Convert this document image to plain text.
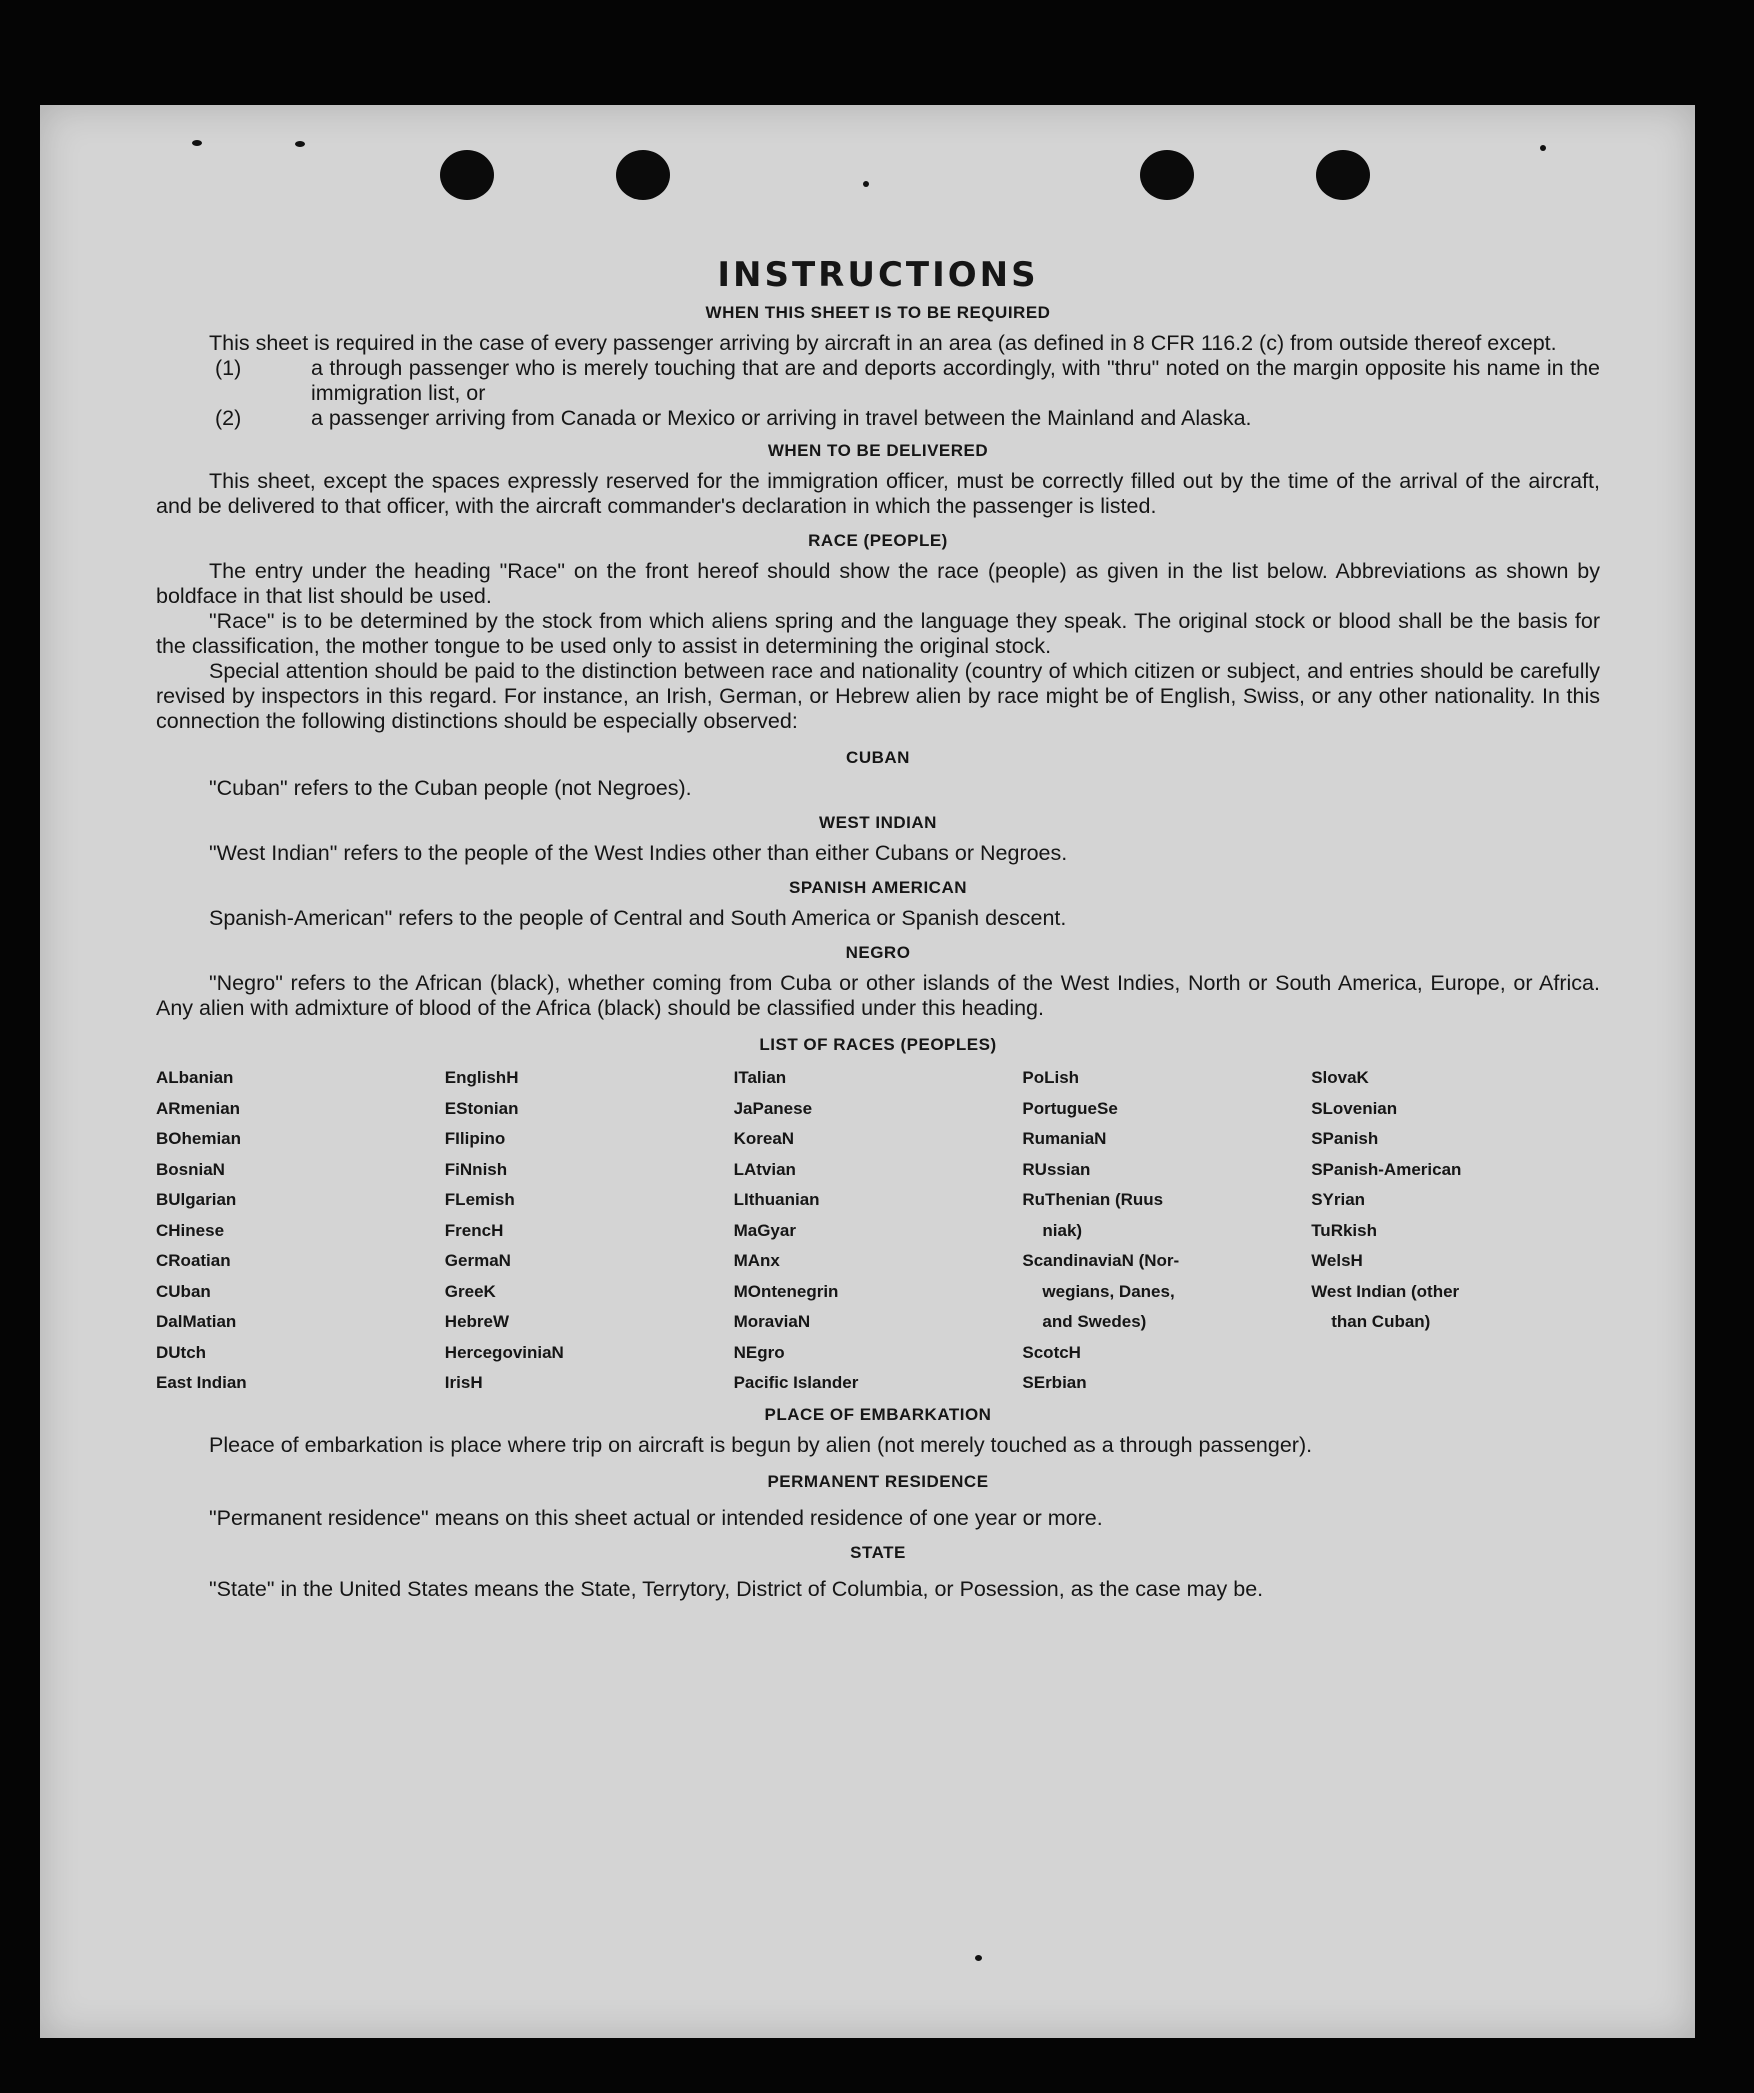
INSTRUCTIONS
WHEN THIS SHEET IS TO BE REQUIRED

This sheet is required in the case of every passenger arriving by aircraft in an area (as defined in 8 CFR 116.2 (c) from outside thereof except.

(1)	a through passenger who is merely touching that are and deports accordingly, with "thru" noted on the margin opposite his name in the immigration list, or

(2)	a passenger arriving from Canada or Mexico or arriving in travel between the Mainland and Alaska.

WHEN TO BE DELIVERED

This sheet, except the spaces expressly reserved for the immigration officer, must be correctly filled out by the time of the arrival of the aircraft, and be delivered to that officer, with the aircraft commander's declaration in which the passenger is listed.

RACE (PEOPLE)

The entry under the heading "Race" on the front hereof should show the race (people) as given in the list below. Abbreviations as shown by boldface in that list should be used.

"Race" is to be determined by the stock from which aliens spring and the language they speak. The original stock or blood shall be the basis for the classification, the mother tongue to be used only to assist in determining the original stock.

Special attention should be paid to the distinction between race and nationality (country of which citizen or subject, and entries should be carefully revised by inspectors in this regard. For instance, an Irish, German, or Hebrew alien by race might be of English, Swiss, or any other nationality. In this connection the following distinctions should be especially observed:

CUBAN

"Cuban" refers to the Cuban people (not Negroes).

WEST INDIAN

"West Indian" refers to the people of the West Indies other than either Cubans or Negroes.

SPANISH AMERICAN

Spanish-American" refers to the people of Central and South America or Spanish descent.

NEGRO

"Negro" refers to the African (black), whether coming from Cuba or other islands of the West Indies, North or South America, Europe, or Africa. Any alien with admixture of blood of the Africa (black) should be classified under this heading.

LIST OF RACES (PEOPLES)
ALbanian
ARmenian
BOhemian
BosniaN
BUlgarian
CHinese
CRoatian
CUban
DalMatian
DUtch
East Indian
EnglishH
EStonian
FIlipino
FiNnish
FLemish
FrencH
GermaN
GreeK
HebreW
HercegoviniaN
IrisH
ITalian
JaPanese
KoreaN
LAtvian
LIthuanian
MaGyar
MAnx
MOntenegrin
MoraviaN
NEgro
Pacific Islander
PoLish
PortugueSe
RumaniaN
RUssian
RuThenian (Ruus
niak)
ScandinaviaN (Nor-
wegians, Danes,
and Swedes)
ScotcH
SErbian
SlovaK
SLovenian
SPanish
SPanish-American
SYrian
TuRkish
WelsH
West Indian (other
than Cuban)
PLACE OF EMBARKATION

Pleace of embarkation is place where trip on aircraft is begun by alien (not merely touched as a through passenger).

PERMANENT RESIDENCE

"Permanent residence" means on this sheet actual or intended residence of one year or more.

STATE

"State" in the United States means the State, Terrytory, District of Columbia, or Posession, as the case may be.
